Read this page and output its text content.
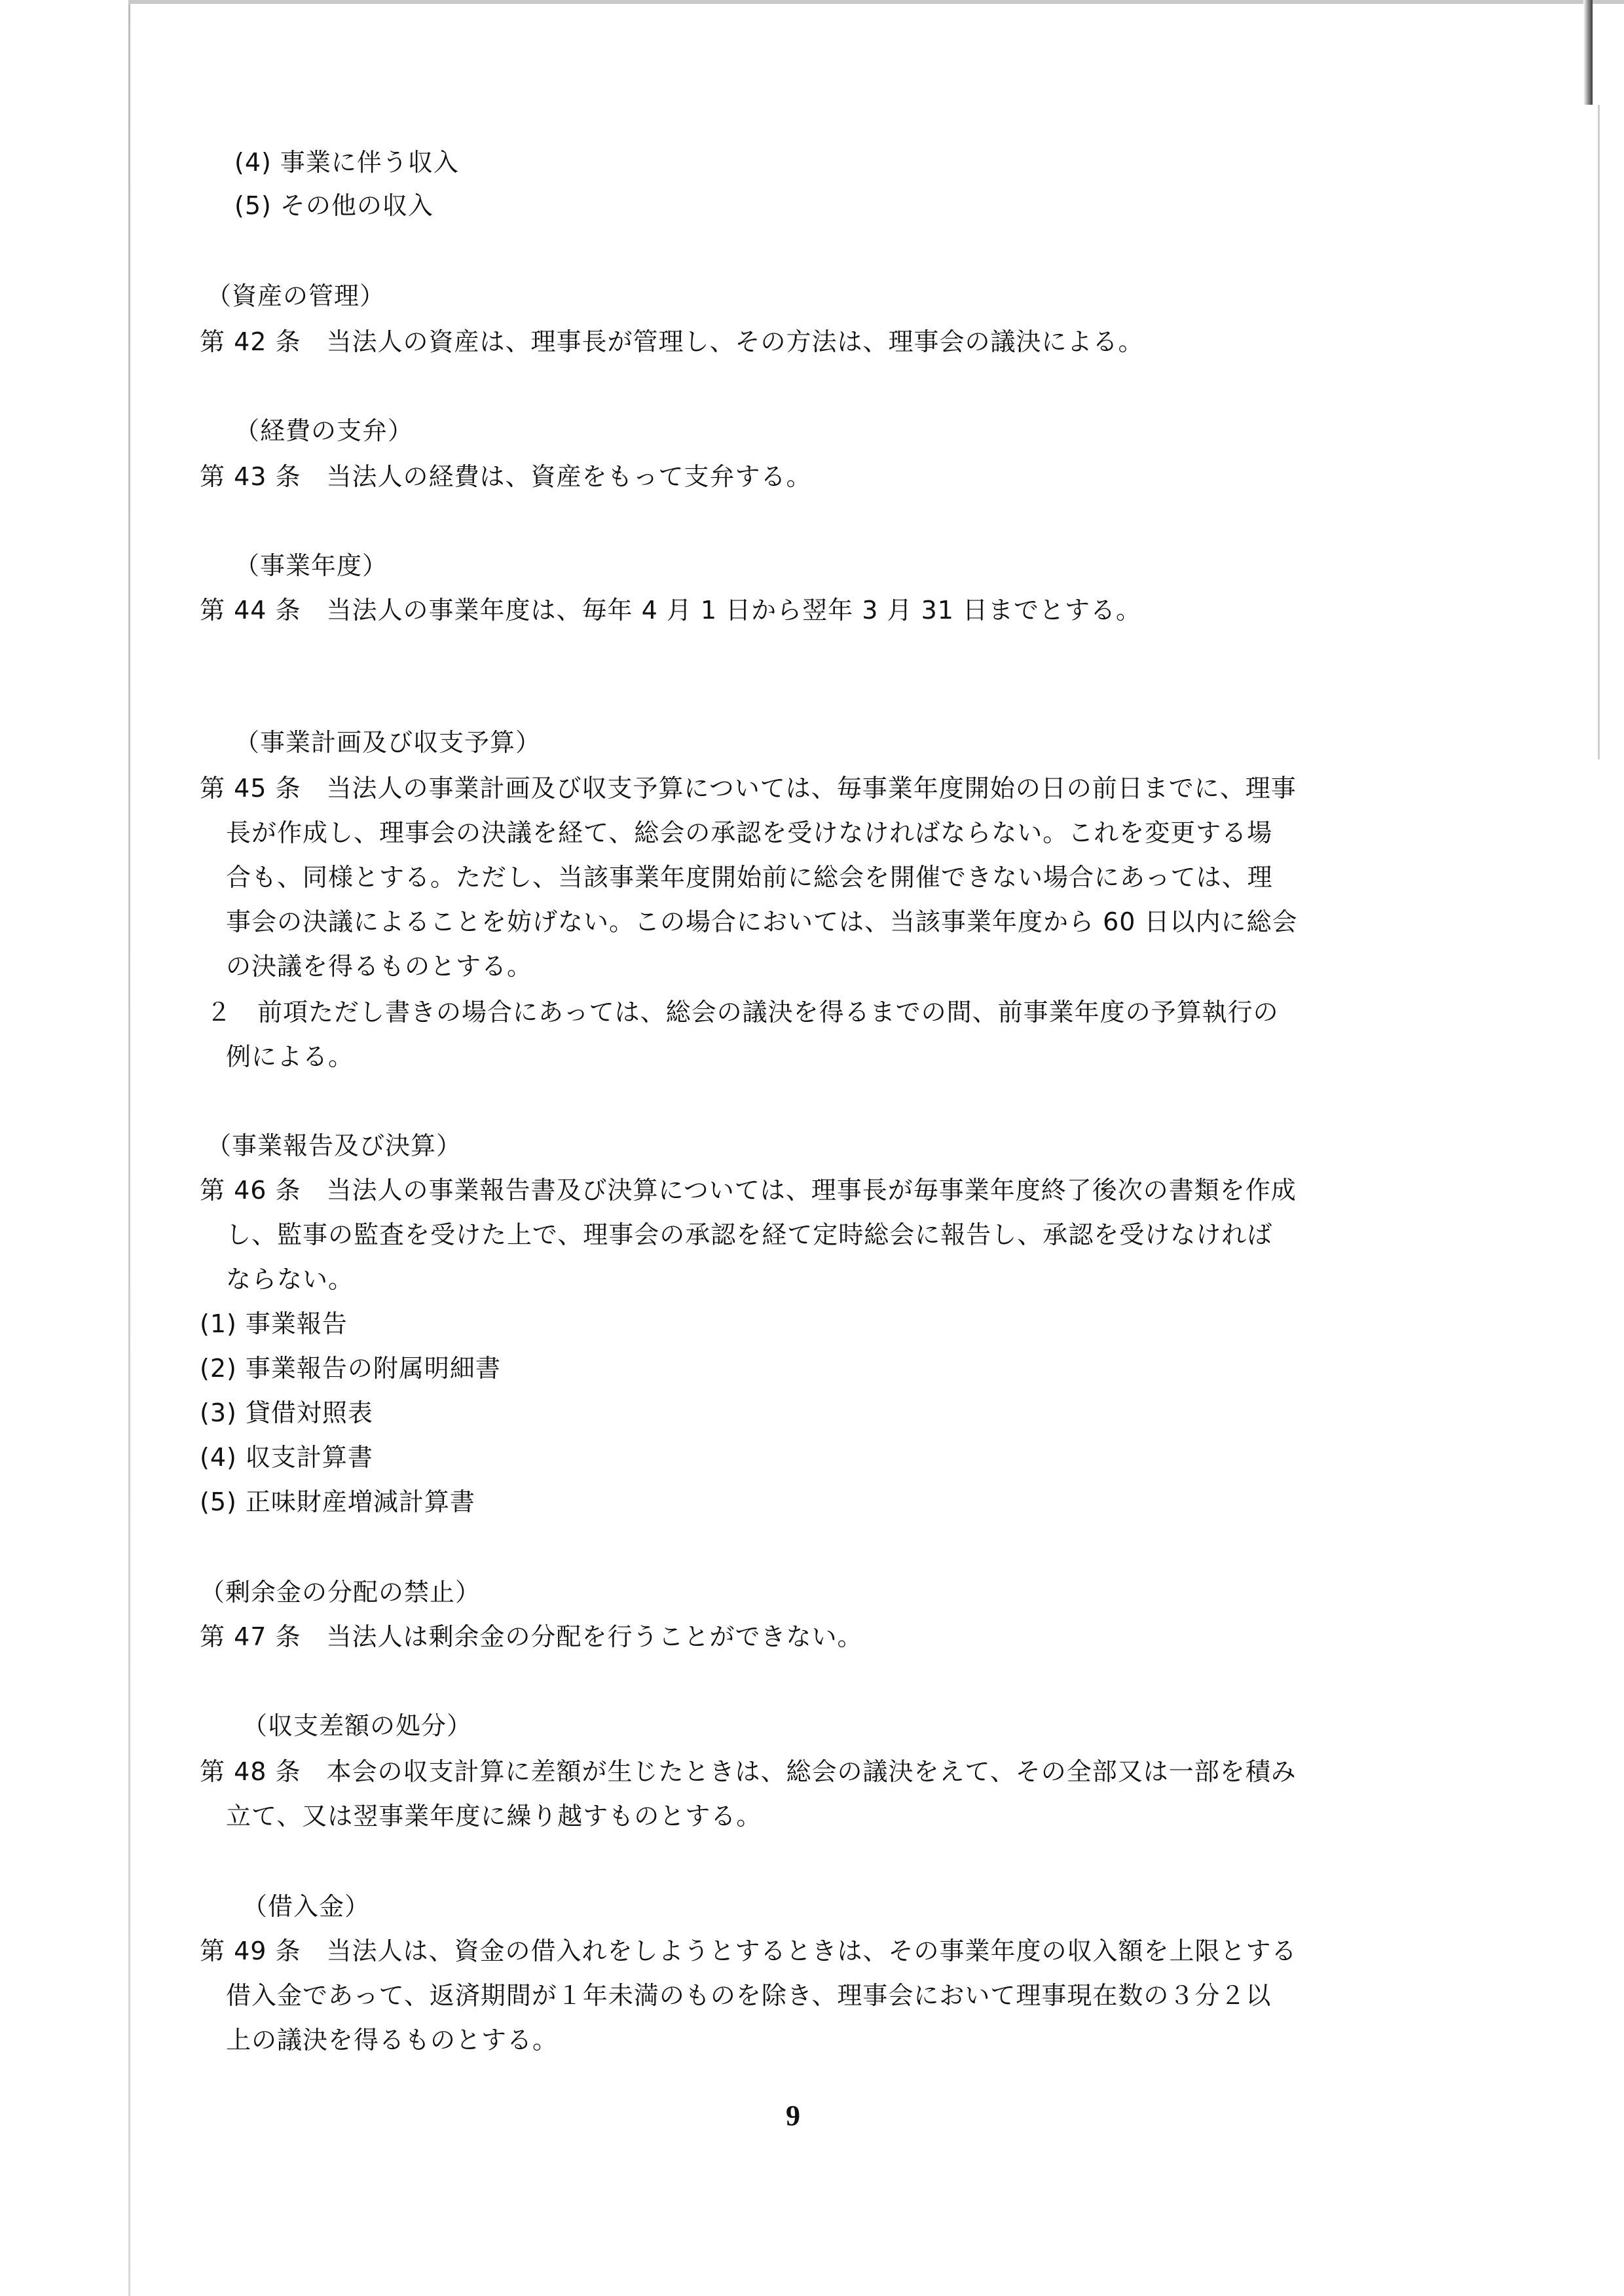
(4) 事業に伴う収入
(5) その他の収入
（資産の管理）
第 42 条　当法人の資産は、理事長が管理し、その方法は、理事会の議決による。
（経費の支弁）
第 43 条　当法人の経費は、資産をもって支弁する。
（事業年度）
第 44 条　当法人の事業年度は、毎年 4 月 1 日から翌年 3 月 31 日までとする。
（事業計画及び収支予算）
第 45 条　当法人の事業計画及び収支予算については、毎事業年度開始の日の前日までに、理事
長が作成し、理事会の決議を経て、総会の承認を受けなければならない。これを変更する場
合も、同様とする。ただし、当該事業年度開始前に総会を開催できない場合にあっては、理
事会の決議によることを妨げない。この場合においては、当該事業年度から 60 日以内に総会
の決議を得るものとする。
２　前項ただし書きの場合にあっては、総会の議決を得るまでの間、前事業年度の予算執行の
例による。
（事業報告及び決算）
第 46 条　当法人の事業報告書及び決算については、理事長が毎事業年度終了後次の書類を作成
し、監事の監査を受けた上で、理事会の承認を経て定時総会に報告し、承認を受けなければ
ならない。
(1) 事業報告
(2) 事業報告の附属明細書
(3) 貸借対照表
(4) 収支計算書
(5) 正味財産増減計算書
（剰余金の分配の禁止）
第 47 条　当法人は剰余金の分配を行うことができない。
（収支差額の処分）
第 48 条　本会の収支計算に差額が生じたときは、総会の議決をえて、その全部又は一部を積み
立て、又は翌事業年度に繰り越すものとする。
（借入金）
第 49 条　当法人は、資金の借入れをしようとするときは、その事業年度の収入額を上限とする
借入金であって、返済期間が１年未満のものを除き、理事会において理事現在数の３分２以
上の議決を得るものとする。
9
